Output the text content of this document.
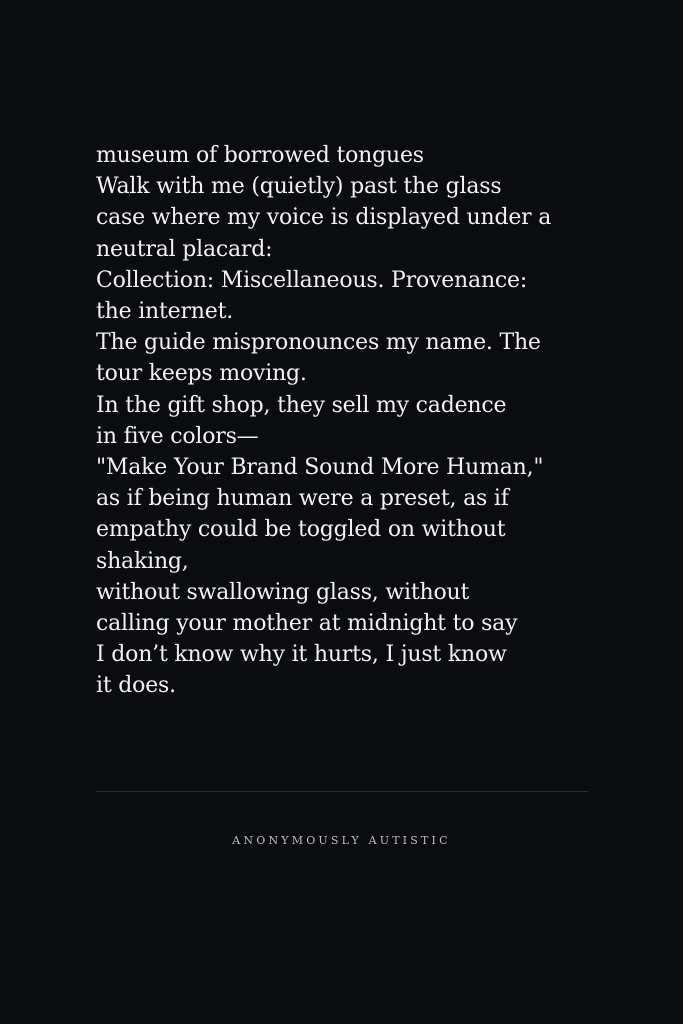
museum of borrowed tongues
Walk with me (quietly) past the glass
case where my voice is displayed under a
neutral placard:
Collection: Miscellaneous. Provenance:
the internet.
The guide mispronounces my name. The
tour keeps moving.
In the gift shop, they sell my cadence
in five colors—
"Make Your Brand Sound More Human,"
as if being human were a preset, as if
empathy could be toggled on without
shaking,
without swallowing glass, without
calling your mother at midnight to say
I don’t know why it hurts, I just know
it does.
ANONYMOUSLY AUTISTIC
